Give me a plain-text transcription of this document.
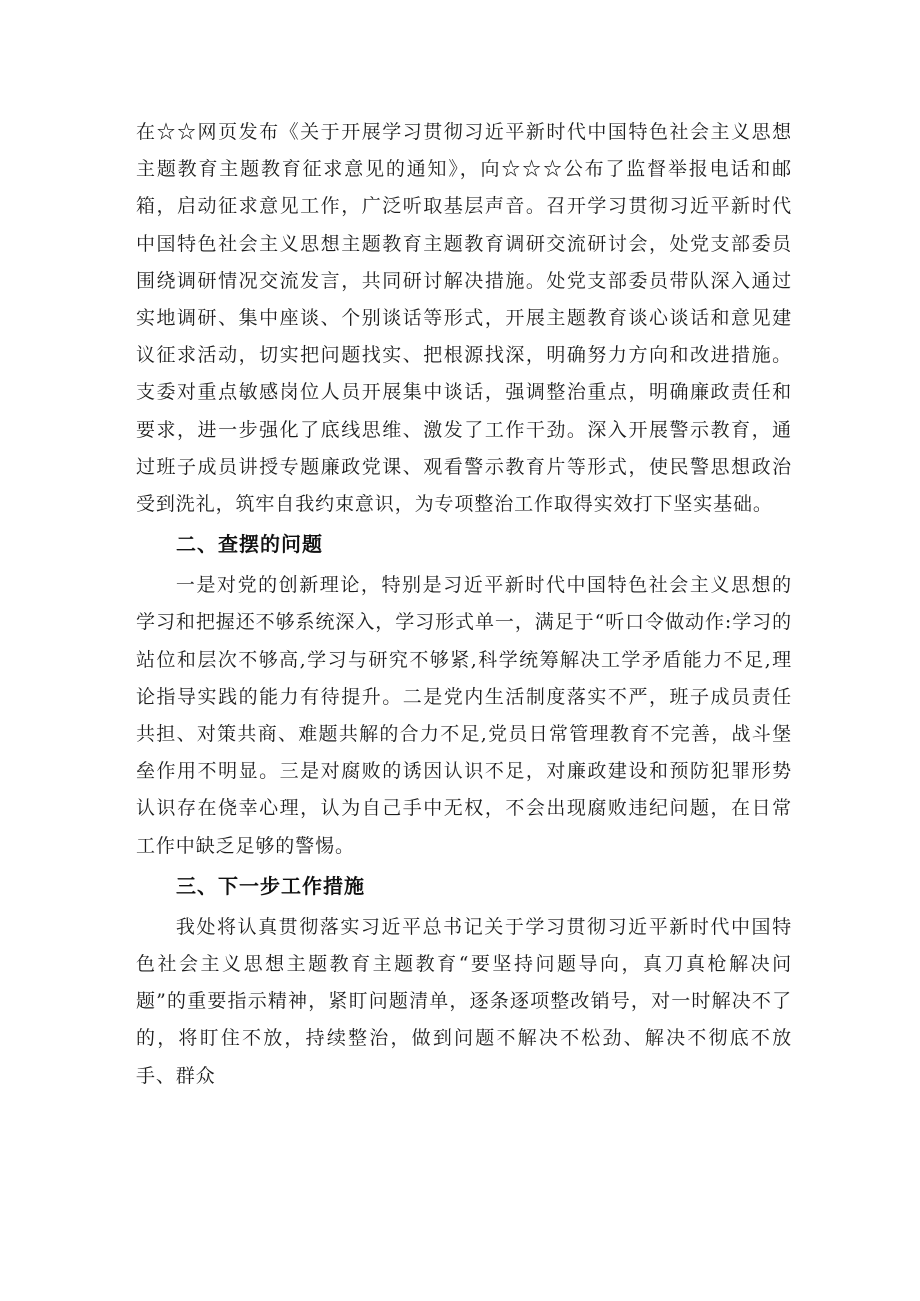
在☆☆网页发布《关于开展学习贯彻习近平新时代中国特色社会主义思想主题教育主题教育征求意见的通知》，向☆☆☆公布了监督举报电话和邮箱，启动征求意见工作，广泛听取基层声音。召开学习贯彻习近平新时代中国特色社会主义思想主题教育主题教育调研交流研讨会，处党支部委员围绕调研情况交流发言，共同研讨解决措施。处党支部委员带队深入通过实地调研、集中座谈、个别谈话等形式，开展主题教育谈心谈话和意见建议征求活动，切实把问题找实、把根源找深，明确努力方向和改进措施。支委对重点敏感岗位人员开展集中谈话，强调整治重点，明确廉政责任和要求，进一步强化了底线思维、激发了工作干劲。深入开展警示教育，通过班子成员讲授专题廉政党课、观看警示教育片等形式，使民警思想政治受到洗礼，筑牢自我约束意识，为专项整治工作取得实效打下坚实基础。

二、查摆的问题

一是对党的创新理论，特别是习近平新时代中国特色社会主义思想的学习和把握还不够系统深入，学习形式单一，满足于“听口令做动作:学习的站位和层次不够高,学习与研究不够紧,科学统筹解决工学矛盾能力不足,理论指导实践的能力有待提升。二是党内生活制度落实不严，班子成员责任共担、对策共商、难题共解的合力不足,党员日常管理教育不完善，战斗堡垒作用不明显。三是对腐败的诱因认识不足，对廉政建设和预防犯罪形势认识存在侥幸心理，认为自己手中无权，不会出现腐败违纪问题，在日常工作中缺乏足够的警惕。

三、下一步工作措施

我处将认真贯彻落实习近平总书记关于学习贯彻习近平新时代中国特色社会主义思想主题教育主题教育“要坚持问题导向，真刀真枪解决问题”的重要指示精神，紧盯问题清单，逐条逐项整改销号，对一时解决不了的，将盯住不放，持续整治，做到问题不解决不松劲、解决不彻底不放手、群众
